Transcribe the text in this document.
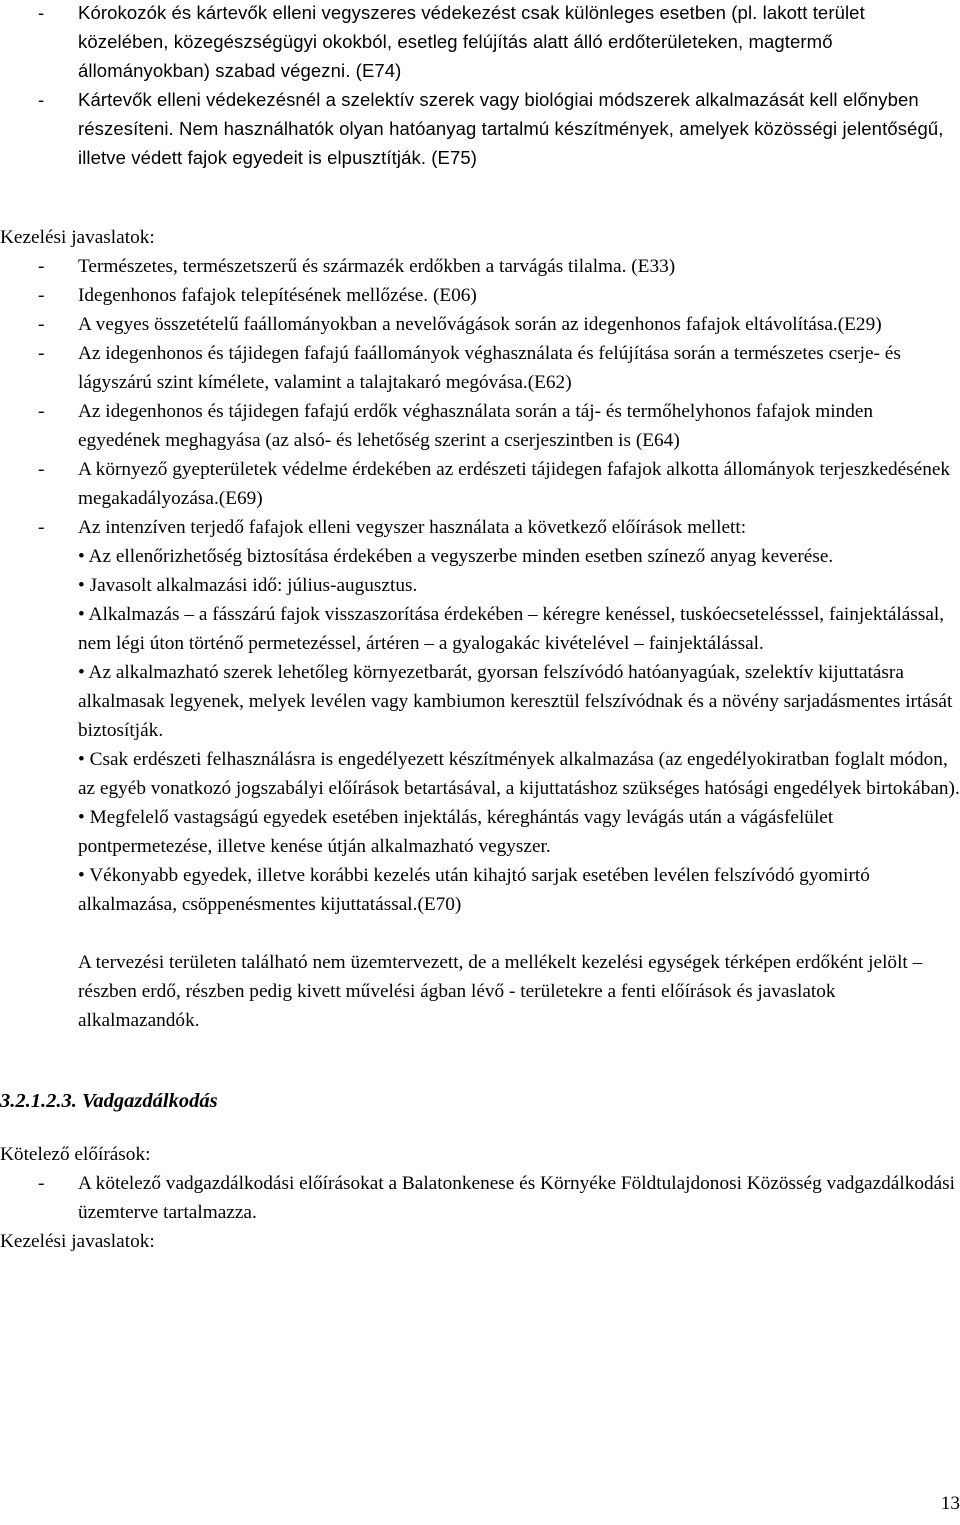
- Kórokozók és kártevők elleni vegyszeres védekezést csak különleges esetben (pl. lakott terület közelében, közegészségügyi okokból, esetleg felújítás alatt álló erdőterületeken, magtermő állományokban) szabad végezni. (E74)
- Kártevők elleni védekezésnél a szelektív szerek vagy biológiai módszerek alkalmazását kell előnyben részesíteni. Nem használhatók olyan hatóanyag tartalmú készítmények, amelyek közösségi jelentőségű, illetve védett fajok egyedeit is elpusztítják. (E75)
Kezelési javaslatok:
- Természetes, természetszerű és származék erdőkben a tarvágás tilalma. (E33)
- Idegenhonos fafajok telepítésének mellőzése. (E06)
- A vegyes összetételű faállományokban a nevelővágások során az idegenhonos fafajok eltávolítása.(E29)
- Az idegenhonos és tájidegen fafajú faállományok véghasználata és felújítása során a természetes cserje- és lágyszárú szint kímélete, valamint a talajtakaró megóvása.(E62)
- Az idegenhonos és tájidegen fafajú erdők véghasználata során a táj- és termőhelyhonos fafajok minden egyedének meghagyása (az alsó- és lehetőség szerint a cserjeszintben is (E64)
- A környező gyepterületek védelme érdekében az erdészeti tájidegen fafajok alkotta állományok terjeszkedésének megakadályozása.(E69)
- Az intenzíven terjedő fafajok elleni vegyszer használata a következő előírások mellett:
• Az ellenőrizhetőség biztosítása érdekében a vegyszerbe minden esetben színező anyag keverése.
• Javasolt alkalmazási idő: július-augusztus.
• Alkalmazás – a fásszárú fajok visszaszorítása érdekében – kéregre kenéssel, tuskóecsetelésssel, fainjektálással, nem légi úton történő permetezéssel, ártéren – a gyalogakác kivételével – fainjektálással.
• Az alkalmazható szerek lehetőleg környezetbarát, gyorsan felszívódó hatóanyagúak, szelektív kijuttatásra alkalmasak legyenek, melyek levélen vagy kambiumon keresztül felszívódnak és a növény sarjadásmentes irtását biztosítják.
• Csak erdészeti felhasználásra is engedélyezett készítmények alkalmazása (az engedélyokiratban foglalt módon, az egyéb vonatkozó jogszabályi előírások betartásával, a kijuttatáshoz szükséges hatósági engedélyek birtokában).
• Megfelelő vastagságú egyedek esetében injektálás, kéreghántás vagy levágás után a vágásfelület pontpermetezése, illetve kenése útján alkalmazható vegyszer.
• Vékonyabb egyedek, illetve korábbi kezelés után kihajtó sarjak esetében levélen felszívódó gyomirtó alkalmazása, csöppenésmentes kijuttatással.(E70)
A tervezési területen található nem üzemtervezett, de a mellékelt kezelési egységek térképen erdőként jelölt – részben erdő, részben pedig kivett művelési ágban lévő - területekre a fenti előírások és javaslatok alkalmazandók.
3.2.1.2.3. Vadgazdálkodás
Kötelező előírások:
- A kötelező vadgazdálkodási előírásokat a Balatonkenese és Környéke Földtulajdonosi Közösség vadgazdálkodási üzemterve tartalmazza.
Kezelési javaslatok:
13
